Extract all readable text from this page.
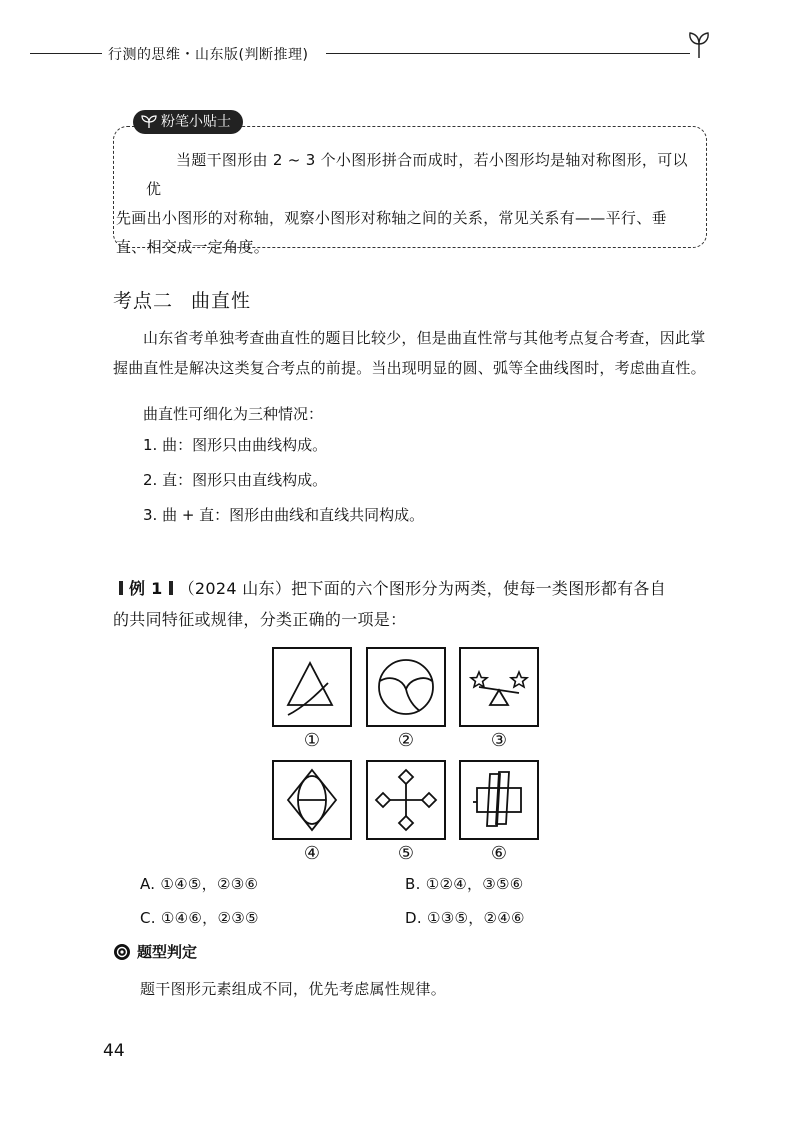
行测的思维・山东版(判断推理)
粉笔小贴士

当题干图形由 2 ~ 3 个小图形拼合而成时，若小图形均是轴对称图形，可以优

先画出小图形的对称轴，观察小图形对称轴之间的关系，常见关系有——平行、垂

直、相交成一定角度。

考点二 曲直性

山东省考单独考查曲直性的题目比较少，但是曲直性常与其他考点复合考查，因此掌

握曲直性是解决这类复合考点的前提。当出现明显的圆、弧等全曲线图时，考虑曲直性。

曲直性可细化为三种情况：
1. 曲：图形只由曲线构成。
2. 直：图形只由直线构成。
3. 曲 + 直：图形由曲线和直线共同构成。
例 1 （2024 山东）把下面的六个图形分为两类，使每一类图形都有各自
的共同特征或规律，分类正确的一项是：
①	②	③
④	⑤	⑥
A. ①④⑤，②③⑥	B. ①②④，③⑤⑥
C. ①④⑥，②③⑤	D. ①③⑤，②④⑥
题型判定
题干图形元素组成不同，优先考虑属性规律。
44
